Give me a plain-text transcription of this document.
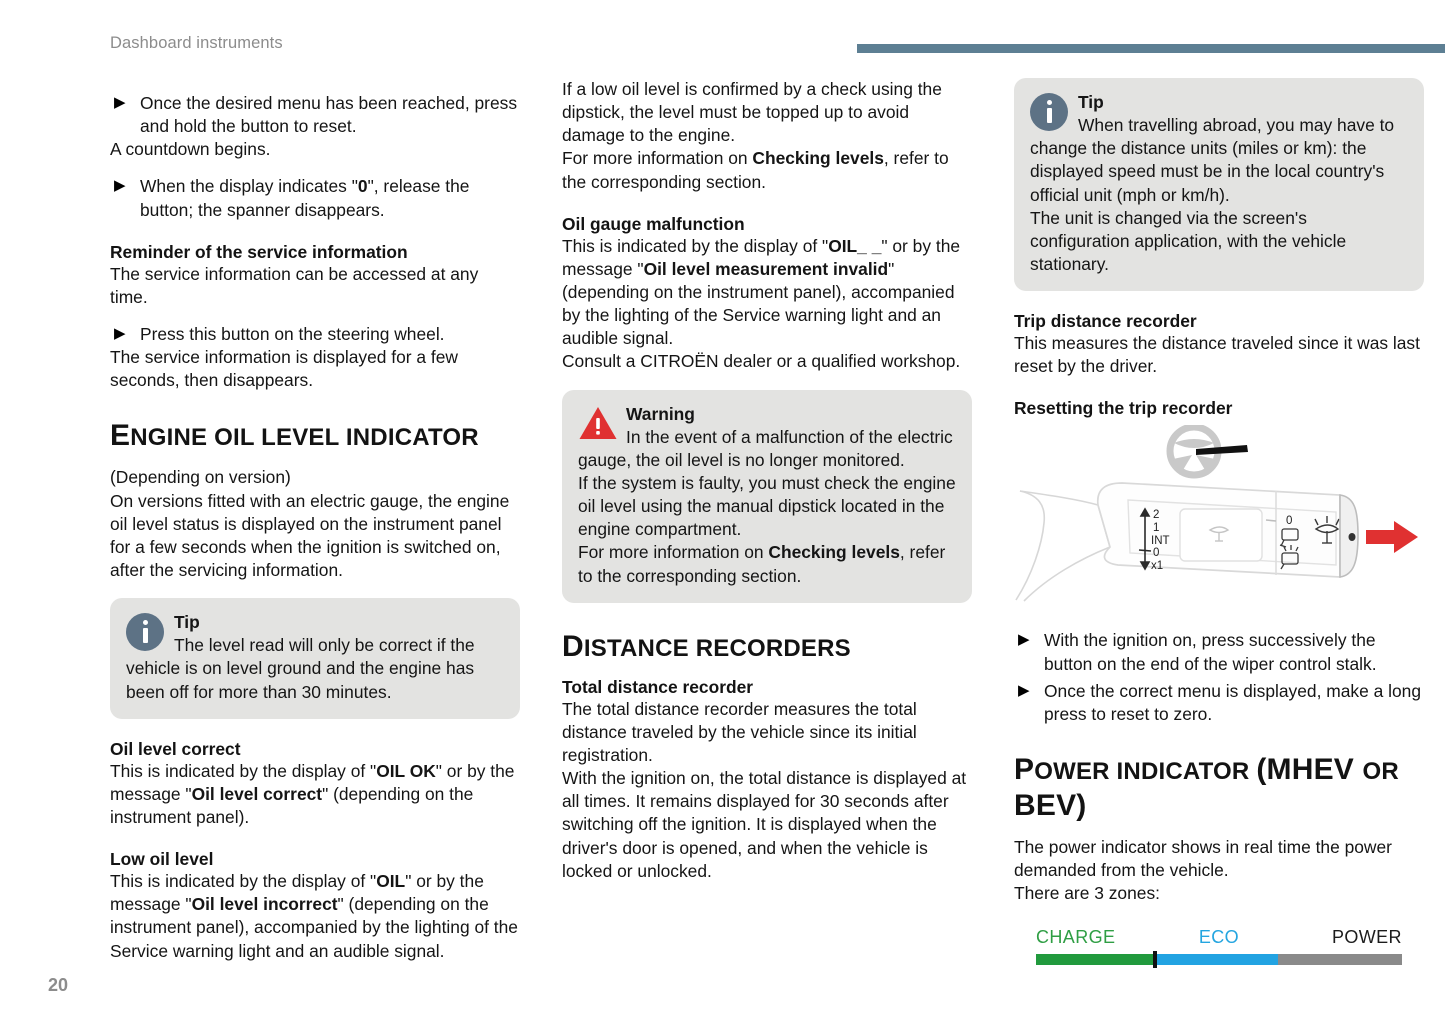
Dashboard instruments
▶ Once the desired menu has been reached, press and hold the button to reset.
A countdown begins.
▶ When the display indicates "0", release the button; the spanner disappears.
Reminder of the service information
The service information can be accessed at any time.
▶ Press this button on the steering wheel.
The service information is displayed for a few seconds, then disappears.
ENGINE OIL LEVEL INDICATOR
(Depending on version)
On versions fitted with an electric gauge, the engine oil level status is displayed on the instrument panel for a few seconds when the ignition is switched on, after the servicing information.
Tip
The level read will only be correct if the vehicle is on level ground and the engine has been off for more than 30 minutes.
Oil level correct
This is indicated by the display of "OIL OK" or by the message "Oil level correct" (depending on the instrument panel).
Low oil level
This is indicated by the display of "OIL" or by the message "Oil level incorrect" (depending on the instrument panel), accompanied by the lighting of the Service warning light and an audible signal.
If a low oil level is confirmed by a check using the dipstick, the level must be topped up to avoid damage to the engine.
For more information on Checking levels, refer to the corresponding section.
Oil gauge malfunction
This is indicated by the display of "OIL_ _" or by the message "Oil level measurement invalid" (depending on the instrument panel), accompanied by the lighting of the Service warning light and an audible signal.
Consult a CITROËN dealer or a qualified workshop.
Warning
In the event of a malfunction of the electric gauge, the oil level is no longer monitored.
If the system is faulty, you must check the engine oil level using the manual dipstick located in the engine compartment.
For more information on Checking levels, refer to the corresponding section.
DISTANCE RECORDERS
Total distance recorder
The total distance recorder measures the total distance traveled by the vehicle since its initial registration.
With the ignition on, the total distance is displayed at all times. It remains displayed for 30 seconds after switching off the ignition. It is displayed when the driver's door is opened, and when the vehicle is locked or unlocked.
Tip
When travelling abroad, you may have to change the distance units (miles or km): the displayed speed must be in the local country's official unit (mph or km/h).
The unit is changed via the screen's configuration application, with the vehicle stationary.
Trip distance recorder
This measures the distance traveled since it was last reset by the driver.
Resetting the trip recorder
2
1
INT
0
x1
0
▶ With the ignition on, press successively the button on the end of the wiper control stalk.
▶ Once the correct menu is displayed, make a long press to reset to zero.
POWER INDICATOR (MHEV OR BEV)
The power indicator shows in real time the power demanded from the vehicle.
There are 3 zones:
CHARGE	ECO	POWER
20
